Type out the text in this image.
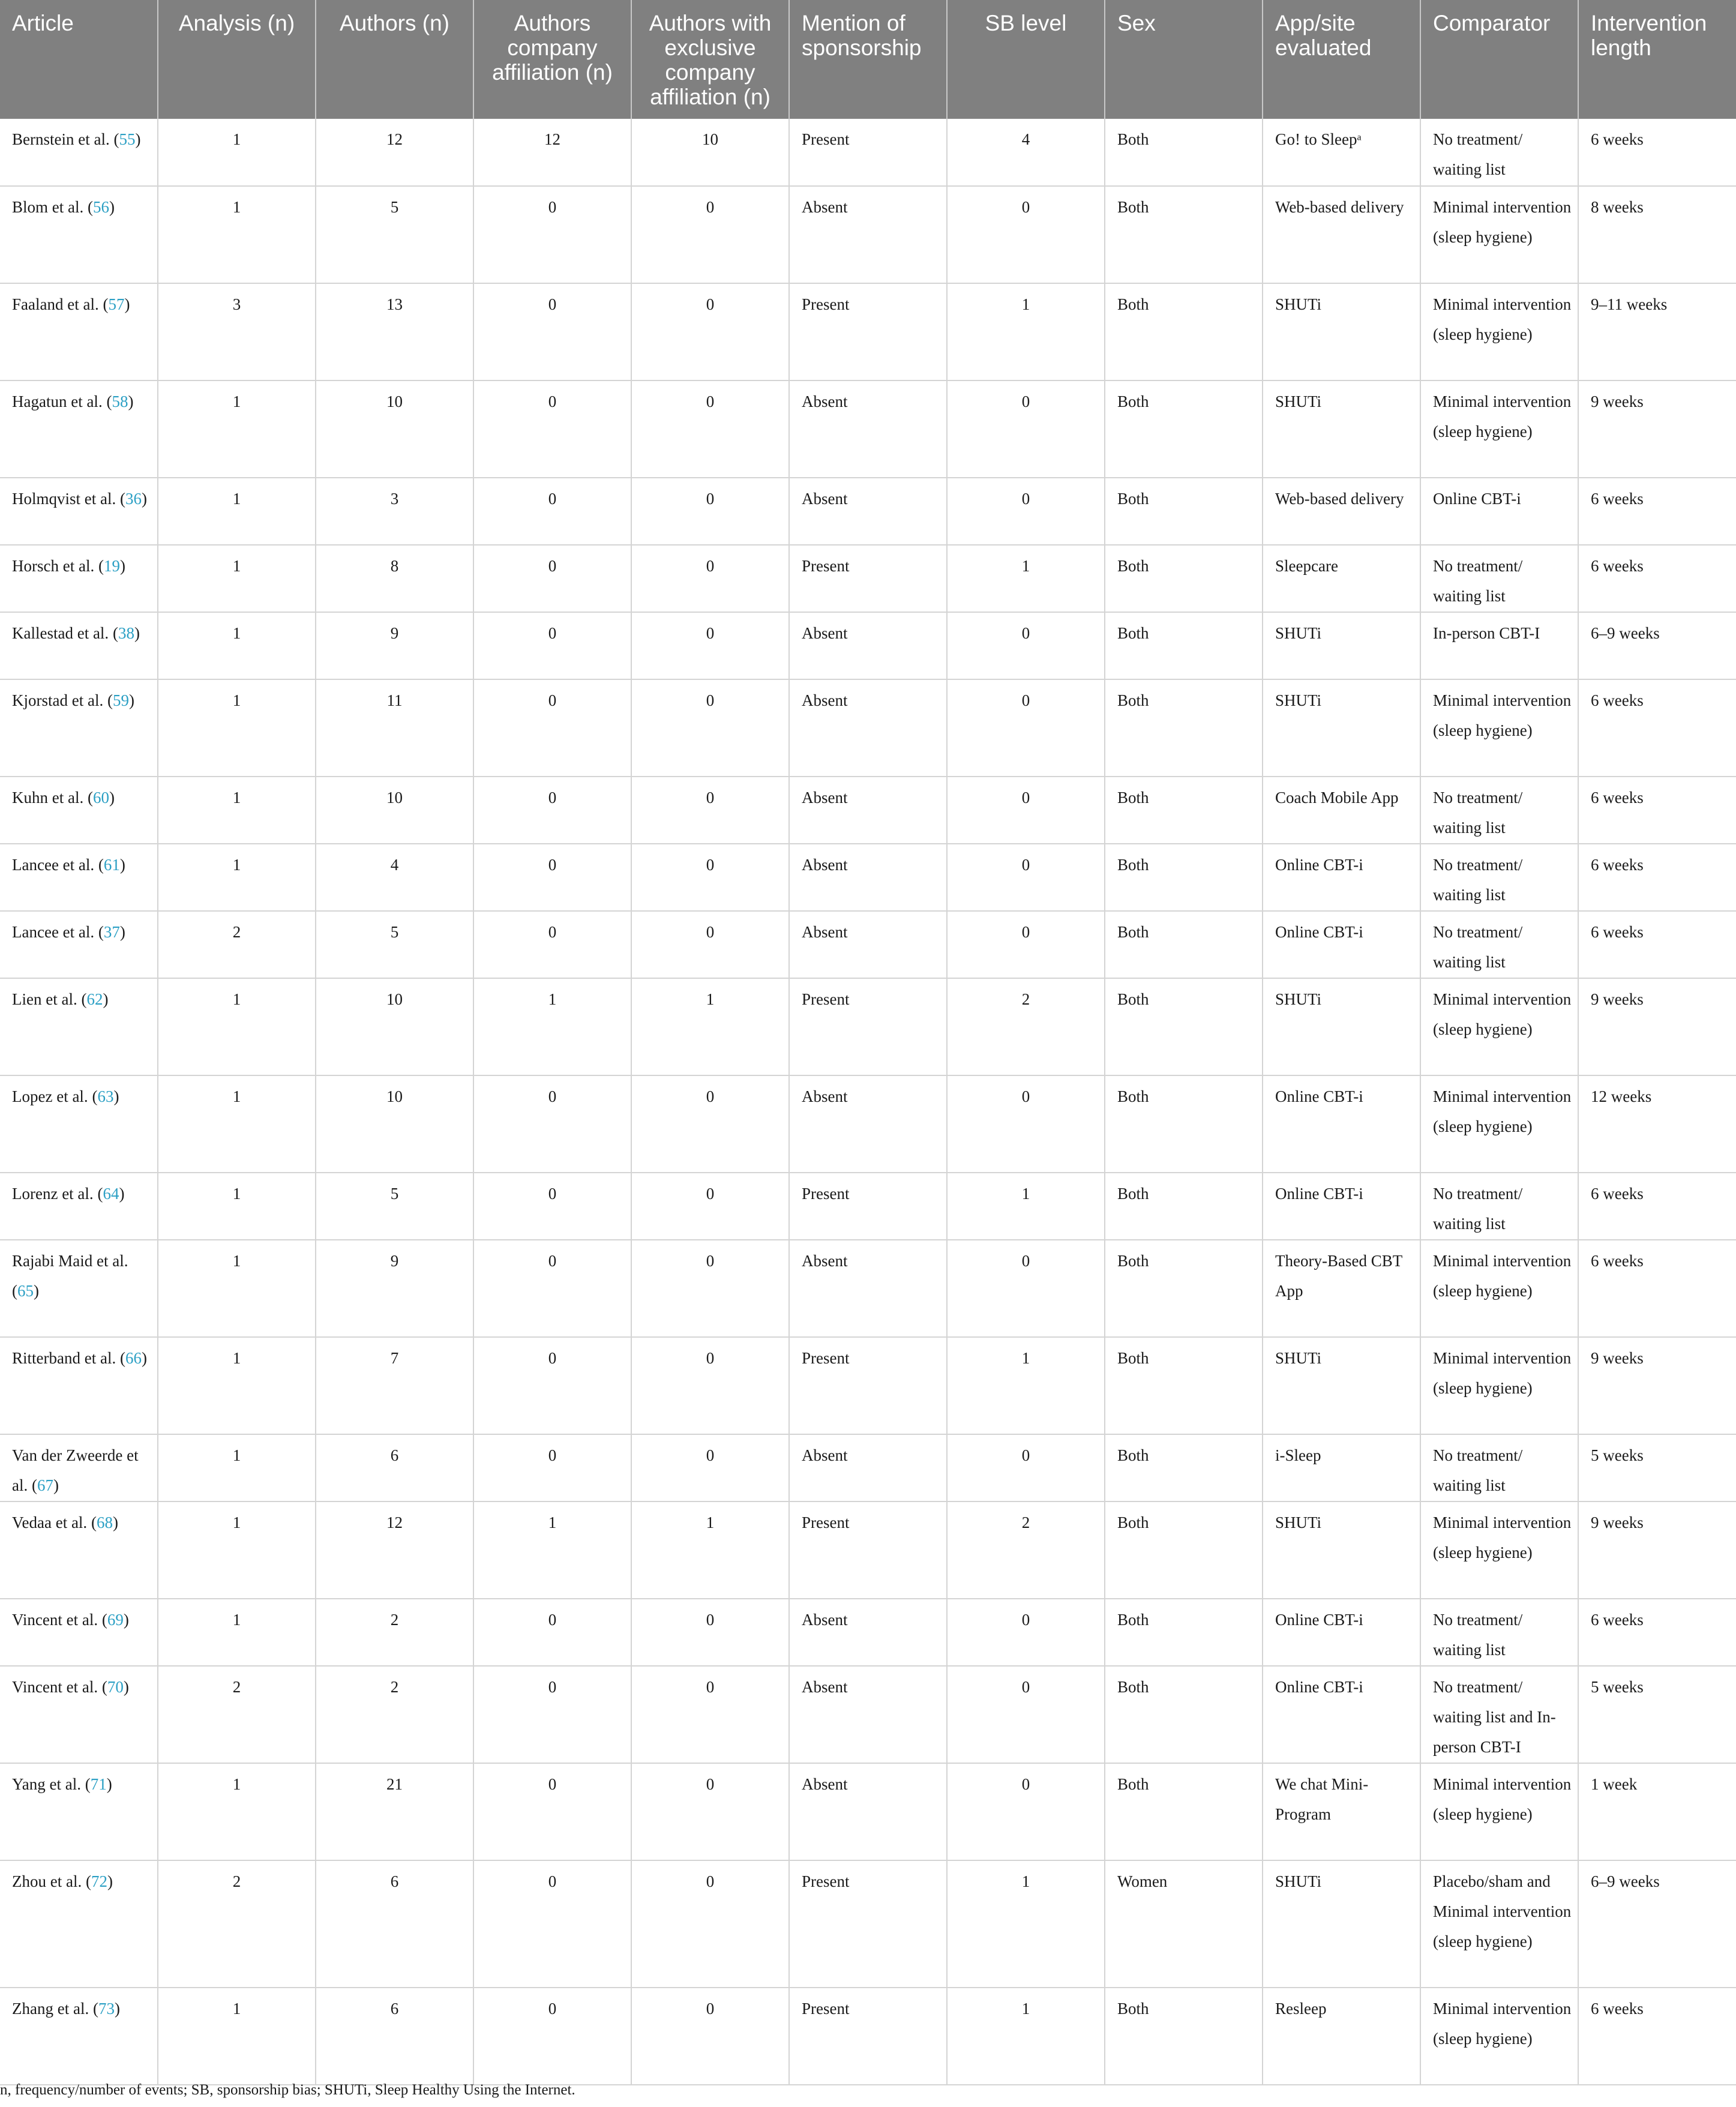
Article	Analysis (n)	Authors (n)	Authors company affiliation (n)	Authors with exclusive company affiliation (n)	Mention of sponsorship	SB level	Sex	App/site evaluated	Comparator	Intervention length
Bernstein et al. (55)	1	12	12	10	Present	4	Both	Go! to Sleepᵃ	No treatment/ waiting list	6 weeks
Blom et al. (56)	1	5	0	0	Absent	0	Both	Web-based delivery	Minimal intervention (sleep hygiene)	8 weeks
Faaland et al. (57)	3	13	0	0	Present	1	Both	SHUTi	Minimal intervention (sleep hygiene)	9–11 weeks
Hagatun et al. (58)	1	10	0	0	Absent	0	Both	SHUTi	Minimal intervention (sleep hygiene)	9 weeks
Holmqvist et al. (36)	1	3	0	0	Absent	0	Both	Web-based delivery	Online CBT-i	6 weeks
Horsch et al. (19)	1	8	0	0	Present	1	Both	Sleepcare	No treatment/ waiting list	6 weeks
Kallestad et al. (38)	1	9	0	0	Absent	0	Both	SHUTi	In-person CBT-I	6–9 weeks
Kjorstad et al. (59)	1	11	0	0	Absent	0	Both	SHUTi	Minimal intervention (sleep hygiene)	6 weeks
Kuhn et al. (60)	1	10	0	0	Absent	0	Both	Coach Mobile App	No treatment/ waiting list	6 weeks
Lancee et al. (61)	1	4	0	0	Absent	0	Both	Online CBT-i	No treatment/ waiting list	6 weeks
Lancee et al. (37)	2	5	0	0	Absent	0	Both	Online CBT-i	No treatment/ waiting list	6 weeks
Lien et al. (62)	1	10	1	1	Present	2	Both	SHUTi	Minimal intervention (sleep hygiene)	9 weeks
Lopez et al. (63)	1	10	0	0	Absent	0	Both	Online CBT-i	Minimal intervention (sleep hygiene)	12 weeks
Lorenz et al. (64)	1	5	0	0	Present	1	Both	Online CBT-i	No treatment/ waiting list	6 weeks
Rajabi Maid et al. (65)	1	9	0	0	Absent	0	Both	Theory-Based CBT App	Minimal intervention (sleep hygiene)	6 weeks
Ritterband et al. (66)	1	7	0	0	Present	1	Both	SHUTi	Minimal intervention (sleep hygiene)	9 weeks
Van der Zweerde et al. (67)	1	6	0	0	Absent	0	Both	i-Sleep	No treatment/ waiting list	5 weeks
Vedaa et al. (68)	1	12	1	1	Present	2	Both	SHUTi	Minimal intervention (sleep hygiene)	9 weeks
Vincent et al. (69)	1	2	0	0	Absent	0	Both	Online CBT-i	No treatment/ waiting list	6 weeks
Vincent et al. (70)	2	2	0	0	Absent	0	Both	Online CBT-i	No treatment/ waiting list and In-person CBT-I	5 weeks
Yang et al. (71)	1	21	0	0	Absent	0	Both	We chat Mini-Program	Minimal intervention (sleep hygiene)	1 week
Zhou et al. (72)	2	6	0	0	Present	1	Women	SHUTi	Placebo/sham and Minimal intervention (sleep hygiene)	6–9 weeks
Zhang et al. (73)	1	6	0	0	Present	1	Both	Resleep	Minimal intervention (sleep hygiene)	6 weeks
n, frequency/number of events; SB, sponsorship bias; SHUTi, Sleep Healthy Using the Internet.
